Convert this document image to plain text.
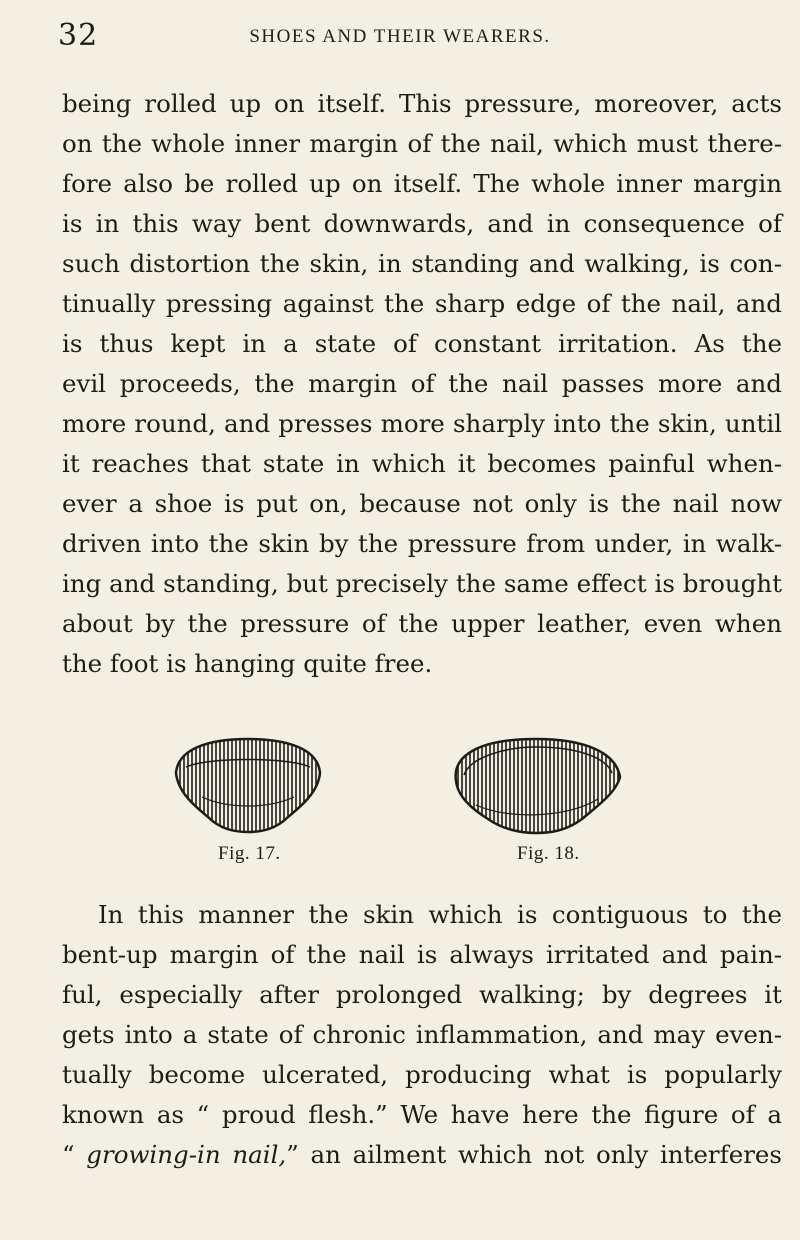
32	SHOES AND THEIR WEARERS.

being rolled up on itself. This pressure, moreover, acts
on the whole inner margin of the nail, which must there-
fore also be rolled up on itself. The whole inner margin
is in this way bent downwards, and in consequence of
such distortion the skin, in standing and walking, is con-
tinually pressing against the sharp edge of the nail, and
is thus kept in a state of constant irritation. As the
evil proceeds, the margin of the nail passes more and
more round, and presses more sharply into the skin, until
it reaches that state in which it becomes painful when-
ever a shoe is put on, because not only is the nail now
driven into the skin by the pressure from under, in walk-
ing and standing, but precisely the same effect is brought
about by the pressure of the upper leather, even when
the foot is hanging quite free.

Fig. 17.	Fig. 18.

In this manner the skin which is contiguous to the
bent-up margin of the nail is always irritated and pain-
ful, especially after prolonged walking; by degrees it
gets into a state of chronic inflammation, and may even-
tually become ulcerated, producing what is popularly
known as “ proud flesh.” We have here the figure of a
“ growing-in nail,” an ailment which not only interferes
